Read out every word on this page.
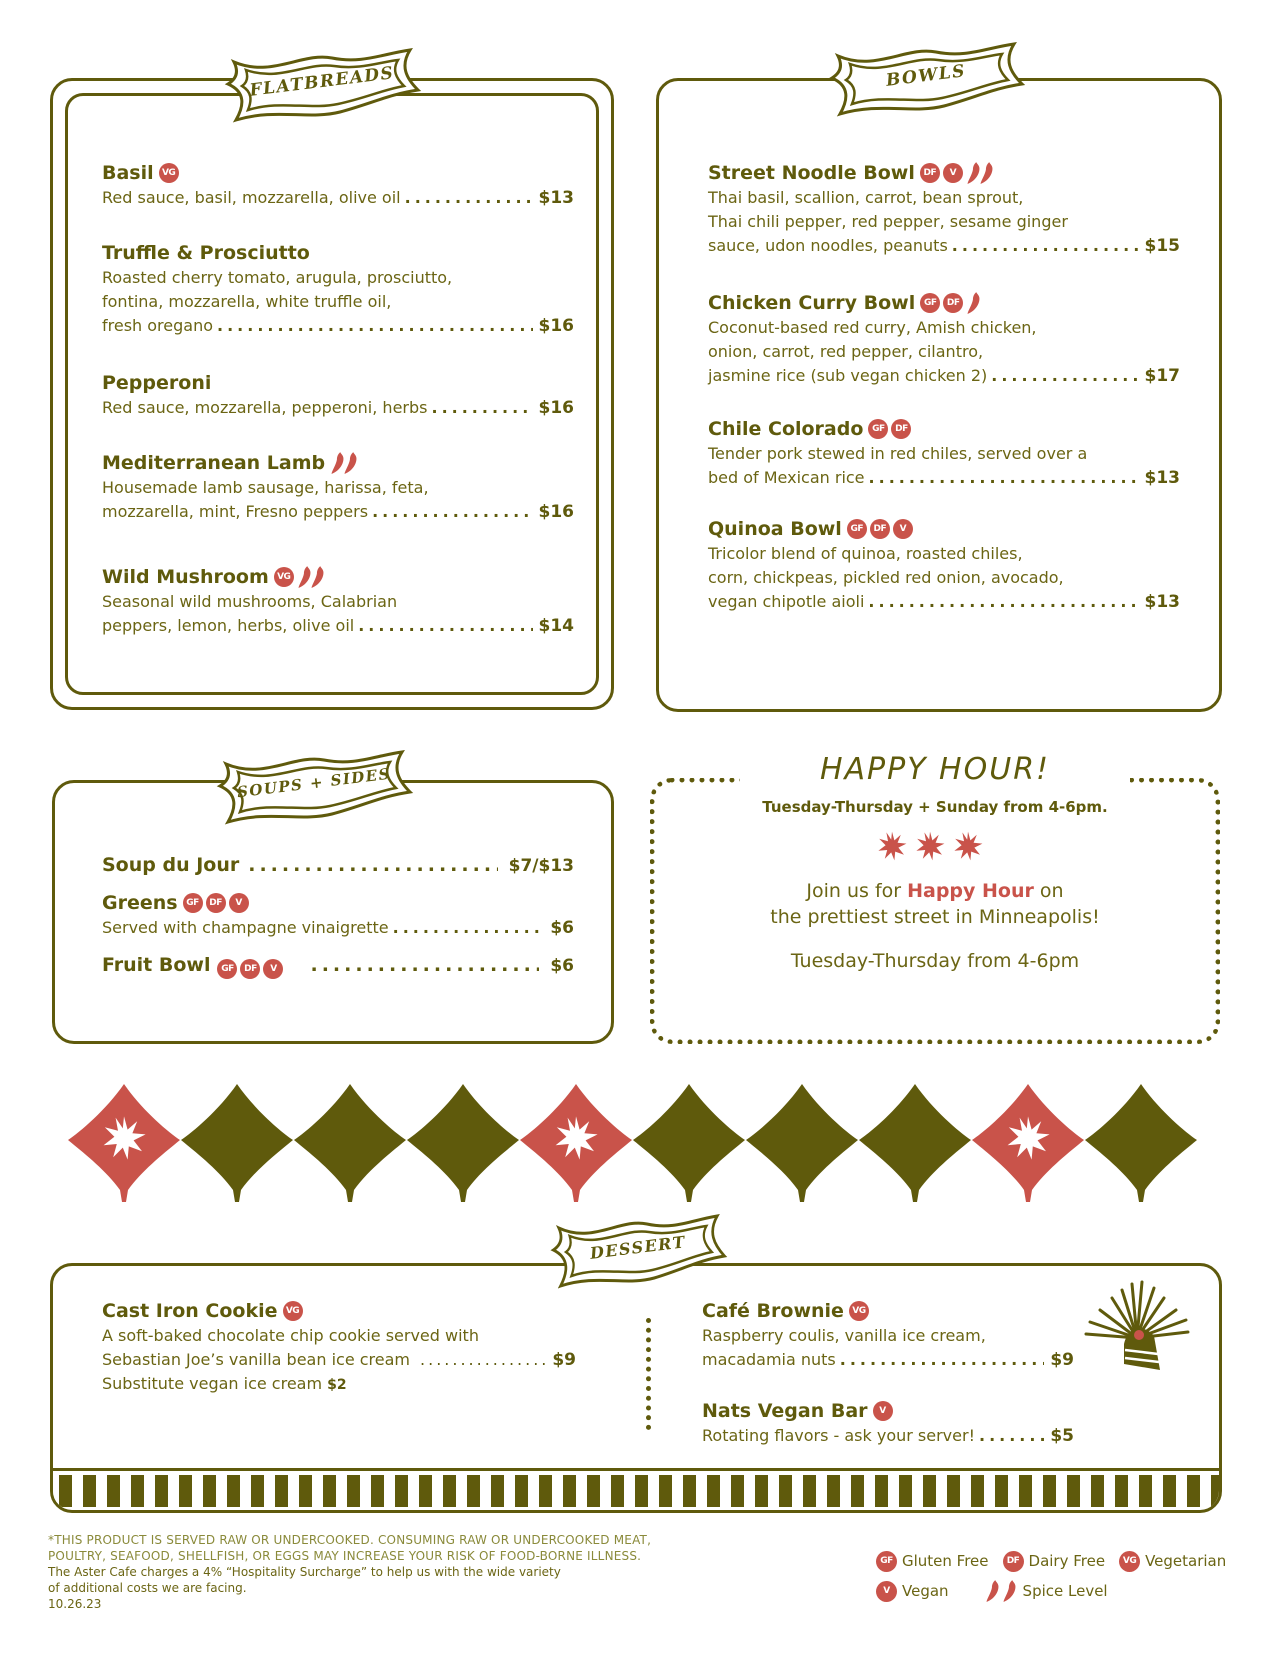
FLATBREADS
Basil VG
Red sauce, basil, mozzarella, olive oil .....	$13
Truffle & Prosciutto
Roasted cherry tomato, arugula, prosciutto,
fontina, mozzarella, white truffle oil,
fresh oregano .....	$16
Pepperoni
Red sauce, mozzarella, pepperoni, herbs .....	$16
Mediterranean Lamb
Housemade lamb sausage, harissa, feta,
mozzarella, mint, Fresno peppers .....	$16
Wild Mushroom VG
Seasonal wild mushrooms, Calabrian
peppers, lemon, herbs, olive oil .....	$14
BOWLS
Street Noodle Bowl DF	V
Thai basil, scallion, carrot, bean sprout,
Thai chili pepper, red pepper, sesame ginger
sauce, udon noodles, peanuts .....	$15
Chicken Curry Bowl GF	DF
Coconut-based red curry, Amish chicken,
onion, carrot, red pepper, cilantro,
jasmine rice (sub vegan chicken 2) .....	$17
Chile Colorado GF	DF
Tender pork stewed in red chiles, served over a
bed of Mexican rice .....	$13
Quinoa Bowl GF	DF	V
Tricolor blend of quinoa, roasted chiles,
corn, chickpeas, pickled red onion, avocado,
vegan chipotle aioli .....	$13
SOUPS + SIDES
Soup du Jour .....	$7/$13
Greens GF	DF	V
Served with champagne vinaigrette .....	$6
Fruit Bowl	GF	DF	V .....	$6
HAPPY HOUR!
Tuesday-Thursday + Sunday from 4-6pm.
Join us for Happy Hour on
the prettiest street in Minneapolis!
Tuesday-Thursday from 4-6pm
DESSERT
Cast Iron Cookie VG
A soft-baked chocolate chip cookie served with
Sebastian Joe’s vanilla bean ice cream .....	$9
Substitute vegan ice cream $2
Café Brownie VG
Raspberry coulis, vanilla ice cream,
macadamia nuts .....	$9
Nats Vegan Bar	V
Rotating flavors - ask your server! .....	$5
*THIS PRODUCT IS SERVED RAW OR UNDERCOOKED. CONSUMING RAW OR UNDERCOOKED MEAT,
POULTRY, SEAFOOD, SHELLFISH, OR EGGS MAY INCREASE YOUR RISK OF FOOD-BORNE ILLNESS.
The Aster Cafe charges a 4% “Hospitality Surcharge” to help us with the wide variety
of additional costs we are facing.
10.26.23
GF Gluten Free	DF Dairy Free	VG Vegetarian
V Vegan	Spice Level
